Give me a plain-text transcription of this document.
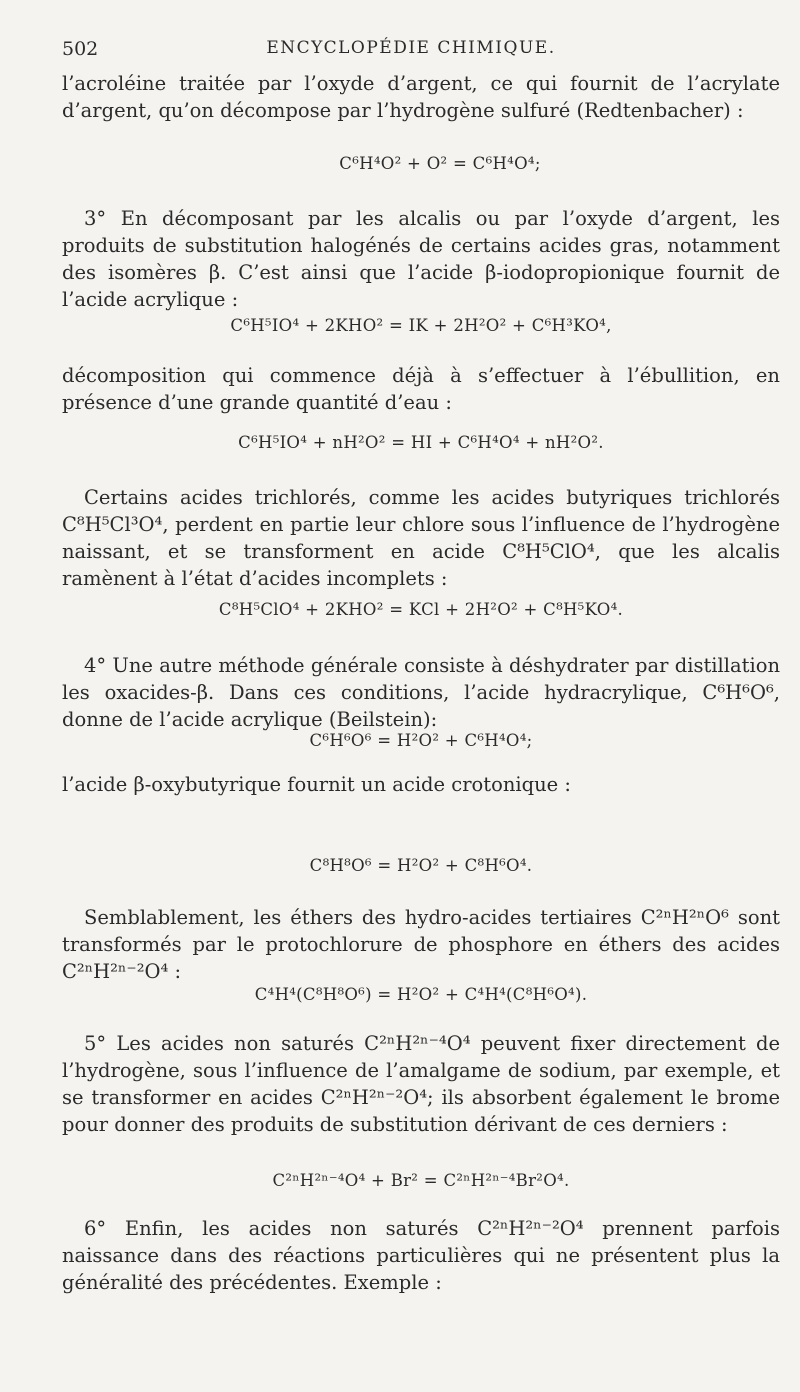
502	ENCYCLOPÉDIE CHIMIQUE.
l’acroléine traitée par l’oxyde d’argent, ce qui fournit de l’acrylate d’argent, qu’on décompose par l’hydrogène sulfuré (Redtenbacher) :
C⁶H⁴O² + O² = C⁶H⁴O⁴;
3° En décomposant par les alcalis ou par l’oxyde d’argent, les produits de substitution halogénés de certains acides gras, notamment des isomères β. C’est ainsi que l’acide β-iodopropionique fournit de l’acide acrylique :
C⁶H⁵IO⁴ + 2KHO² = IK + 2H²O² + C⁶H³KO⁴,
décomposition qui commence déjà à s’effectuer à l’ébullition, en présence d’une grande quantité d’eau :
C⁶H⁵IO⁴ + nH²O² = HI + C⁶H⁴O⁴ + nH²O².
Certains acides trichlorés, comme les acides butyriques trichlorés C⁸H⁵Cl³O⁴, perdent en partie leur chlore sous l’influence de l’hydrogène naissant, et se transforment en acide C⁸H⁵ClO⁴, que les alcalis ramènent à l’état d’acides incomplets :
C⁸H⁵ClO⁴ + 2KHO² = KCl + 2H²O² + C⁸H⁵KO⁴.
4° Une autre méthode générale consiste à déshydrater par distillation les oxacides-β. Dans ces conditions, l’acide hydracrylique, C⁶H⁶O⁶, donne de l’acide acrylique (Beilstein):
C⁶H⁶O⁶ = H²O² + C⁶H⁴O⁴;
l’acide β-oxybutyrique fournit un acide crotonique :
C⁸H⁸O⁶ = H²O² + C⁸H⁶O⁴.
Semblablement, les éthers des hydro-acides tertiaires C²ⁿH²ⁿO⁶ sont transformés par le protochlorure de phosphore en éthers des acides C²ⁿH²ⁿ⁻²O⁴ :
C⁴H⁴(C⁸H⁸O⁶) = H²O² + C⁴H⁴(C⁸H⁶O⁴).
5° Les acides non saturés C²ⁿH²ⁿ⁻⁴O⁴ peuvent fixer directement de l’hydrogène, sous l’influence de l’amalgame de sodium, par exemple, et se transformer en acides C²ⁿH²ⁿ⁻²O⁴; ils absorbent également le brome pour donner des produits de substitution dérivant de ces derniers :
C²ⁿH²ⁿ⁻⁴O⁴ + Br² = C²ⁿH²ⁿ⁻⁴Br²O⁴.
6° Enfin, les acides non saturés C²ⁿH²ⁿ⁻²O⁴ prennent parfois naissance dans des réactions particulières qui ne présentent plus la généralité des précédentes. Exemple :
